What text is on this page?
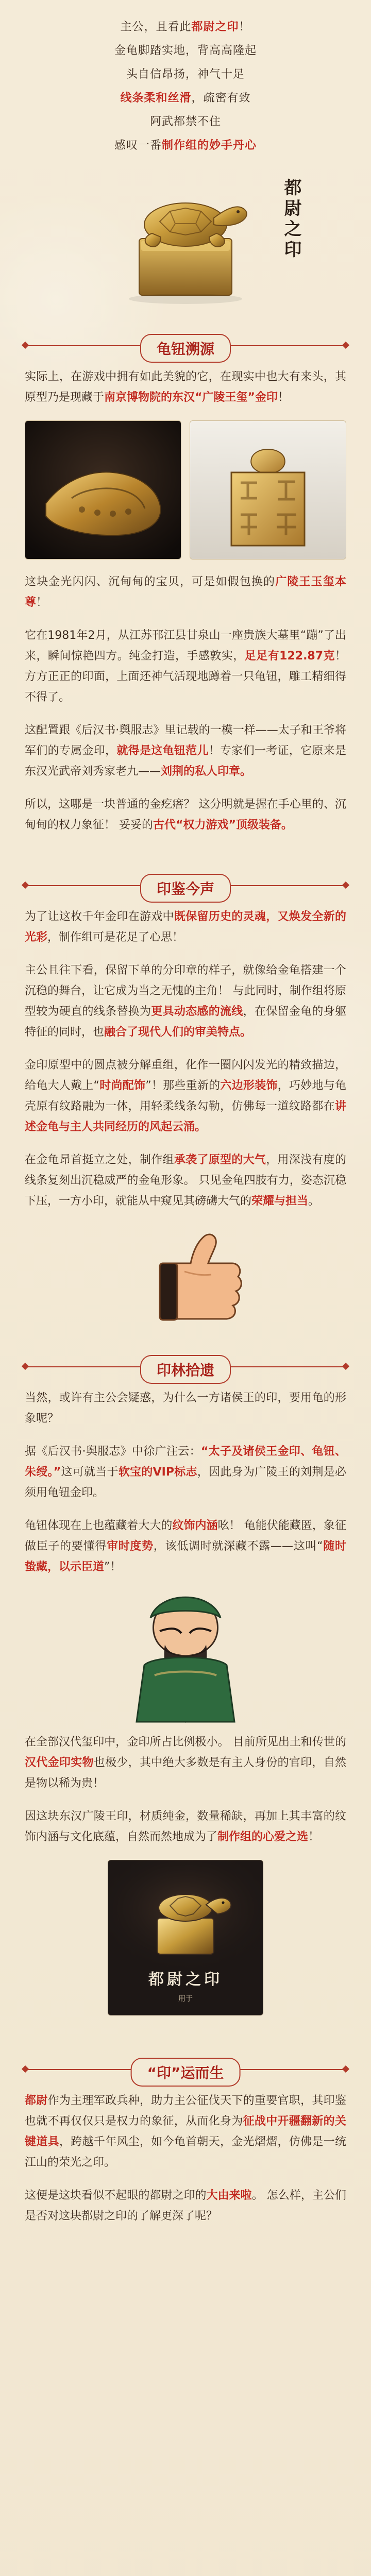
主公，且看此都尉之印！
金龟脚踏实地，背高高隆起
头自信昂扬，神气十足
线条柔和丝滑，疏密有致
阿武都禁不住
感叹一番制作组的妙手丹心
都尉之印
龟钮溯源

实际上，在游戏中拥有如此美貌的它，在现实中也大有来头，其原型乃是现藏于南京博物院的东汉“广陵王玺”金印！

这块金光闪闪、沉甸甸的宝贝，可是如假包换的广陵王玉玺本尊！

它在1981年2月，从江苏邗江县甘泉山一座贵族大墓里“蹦”了出来，瞬间惊艳四方。纯金打造，手感敦实，足足有122.87克！方方正正的印面，上面还神气活现地蹲着一只龟钮，雕工精细得不得了。

这配置跟《后汉书·舆服志》里记载的一模一样——太子和王爷将军们的专属金印，就得是这龟钮范儿！专家们一考证，它原来是东汉光武帝刘秀家老九——刘荆的私人印章。

所以，这哪是一块普通的金疙瘩？ 这分明就是握在手心里的、沉甸甸的权力象征！ 妥妥的古代“权力游戏”顶级装备。

印鉴今声

为了让这枚千年金印在游戏中既保留历史的灵魂，又焕发全新的光彩，制作组可是花足了心思！

主公且往下看，保留下单的分印章的样子，就像给金龟搭建一个沉稳的舞台，让它成为当之无愧的主角！ 与此同时，制作组将原型较为硬直的线条替换为更具动态感的流线，在保留金龟的身躯特征的同时，也融合了现代人们的审美特点。

金印原型中的圆点被分解重组，化作一圈闪闪发光的精致描边，给龟大人戴上“时尚配饰”！那些重新的六边形装饰，巧妙地与龟壳原有纹路融为一体，用轻柔线条勾勒，仿佛每一道纹路都在讲述金龟与主人共同经历的风起云涌。

在金龟昂首挺立之处，制作组承袭了原型的大气，用深浅有度的线条复刻出沉稳威严的金龟形象。 只见金龟四肢有力，姿态沉稳下压，一方小印，就能从中窥见其磅礴大气的荣耀与担当。

印林拾遗

当然，或许有主公会疑惑，为什么一方诸侯王的印，要用龟的形象呢？

据《后汉书·舆服志》中徐广注云：“太子及诸侯王金印、龟钮、朱绶。”这可就当于软宝的VIP标志，因此身为广陵王的刘荆是必须用龟钮金印。

龟钮体现在上也蕴藏着大大的纹饰内涵吆！ 龟能伏能藏匿，象征做臣子的要懂得审时度势，该低调时就深藏不露——这叫“随时蛰藏，以示臣道”！

在全部汉代玺印中，金印所占比例极小。 目前所见出土和传世的汉代金印实物也极少，其中绝大多数是有主人身份的官印，自然是物以稀为贵！

因这块东汉广陵王印，材质纯金，数量稀缺，再加上其丰富的纹饰内涵与文化底蕴，自然而然地成为了制作组的心爱之选！

都尉之印
用于
“印”运而生

都尉作为主理军政兵种，助力主公征伐天下的重要官职，其印鉴也就不再仅仅只是权力的象征，从而化身为征战中开疆翻新的关键道具，跨越千年风尘，如今龟首朝天，金光熠熠，仿佛是一统江山的荣光之印。

这便是这块看似不起眼的都尉之印的大由来啦。 怎么样，主公们是否对这块都尉之印的了解更深了呢？
